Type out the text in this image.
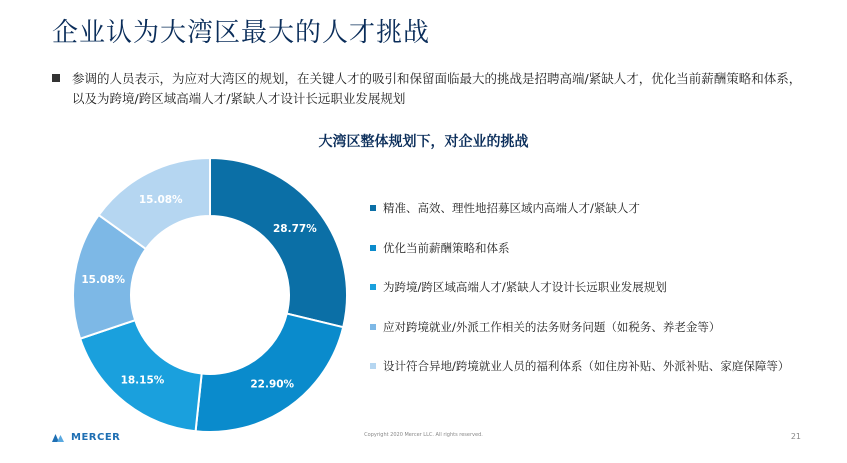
企业认为大湾区最大的人才挑战
参调的人员表示，为应对大湾区的规划，在关键人才的吸引和保留面临最大的挑战是招聘高端/紧缺人才，优化当前薪酬策略和体系，以及为跨境/跨区域高端人才/紧缺人才设计长远职业发展规划
大湾区整体规划下，对企业的挑战
28.77%
22.90%
18.15%
15.08%
15.08%
精准、高效、理性地招募区域内高端人才/紧缺人才
优化当前薪酬策略和体系
为跨境/跨区域高端人才/紧缺人才设计长远职业发展规划
应对跨境就业/外派工作相关的法务财务问题（如税务、养老金等）
设计符合异地/跨境就业人员的福利体系（如住房补贴、外派补贴、家庭保障等）
MERCER	Copyright 2020 Mercer LLC. All rights reserved.	21
